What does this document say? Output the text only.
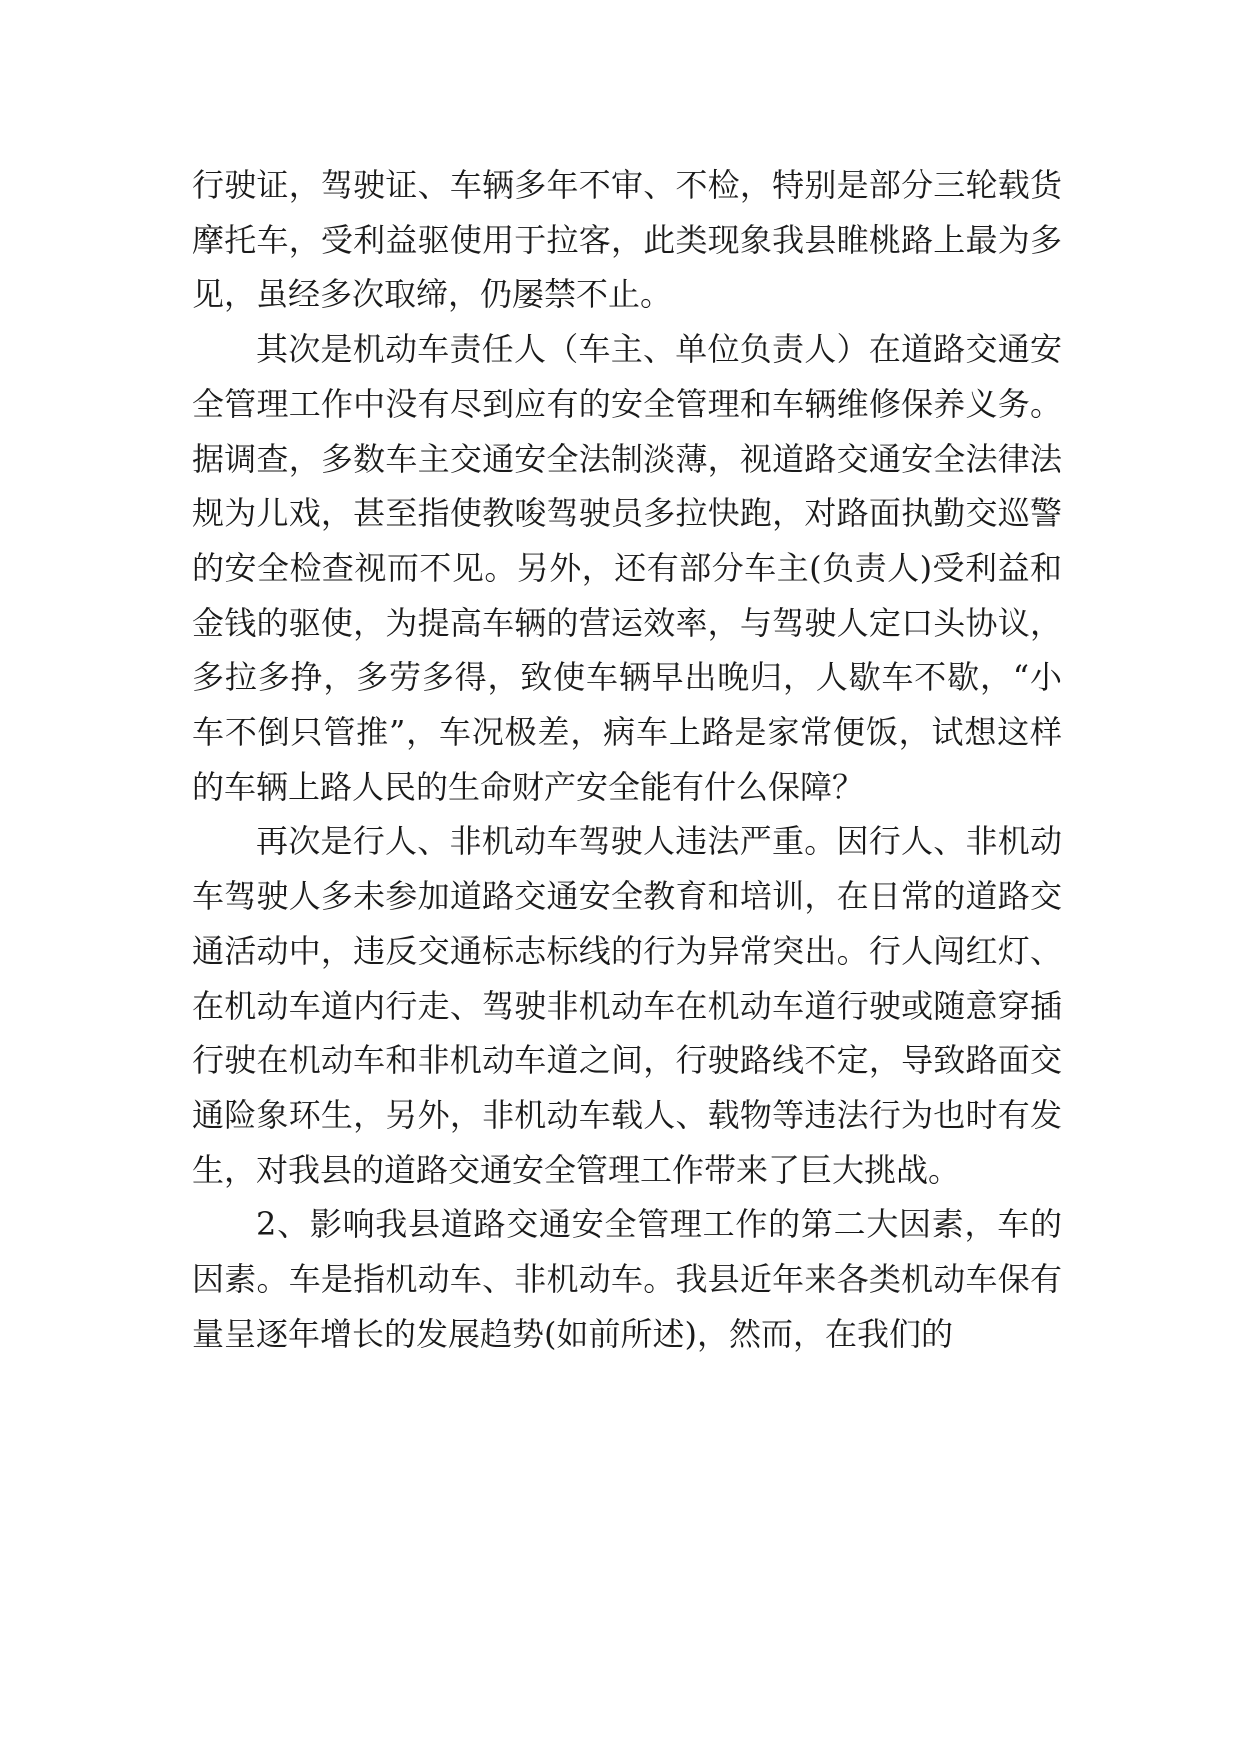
行驶证，驾驶证、车辆多年不审、不检，特别是部分三轮载货摩托车，受利益驱使用于拉客，此类现象我县睢桃路上最为多见，虽经多次取缔，仍屡禁不止。

其次是机动车责任人（车主、单位负责人）在道路交通安全管理工作中没有尽到应有的安全管理和车辆维修保养义务。据调查，多数车主交通安全法制淡薄，视道路交通安全法律法规为儿戏，甚至指使教唆驾驶员多拉快跑，对路面执勤交巡警的安全检查视而不见。另外，还有部分车主(负责人)受利益和金钱的驱使，为提高车辆的营运效率，与驾驶人定口头协议，多拉多挣，多劳多得，致使车辆早出晚归，人歇车不歇，“小车不倒只管推”，车况极差，病车上路是家常便饭，试想这样的车辆上路人民的生命财产安全能有什么保障？

再次是行人、非机动车驾驶人违法严重。因行人、非机动车驾驶人多未参加道路交通安全教育和培训，在日常的道路交通活动中，违反交通标志标线的行为异常突出。行人闯红灯、在机动车道内行走、驾驶非机动车在机动车道行驶或随意穿插行驶在机动车和非机动车道之间，行驶路线不定，导致路面交通险象环生，另外，非机动车载人、载物等违法行为也时有发生，对我县的道路交通安全管理工作带来了巨大挑战。

2、影响我县道路交通安全管理工作的第二大因素，车的因素。车是指机动车、非机动车。我县近年来各类机动车保有量呈逐年增长的发展趋势(如前所述)，然而，在我们的
